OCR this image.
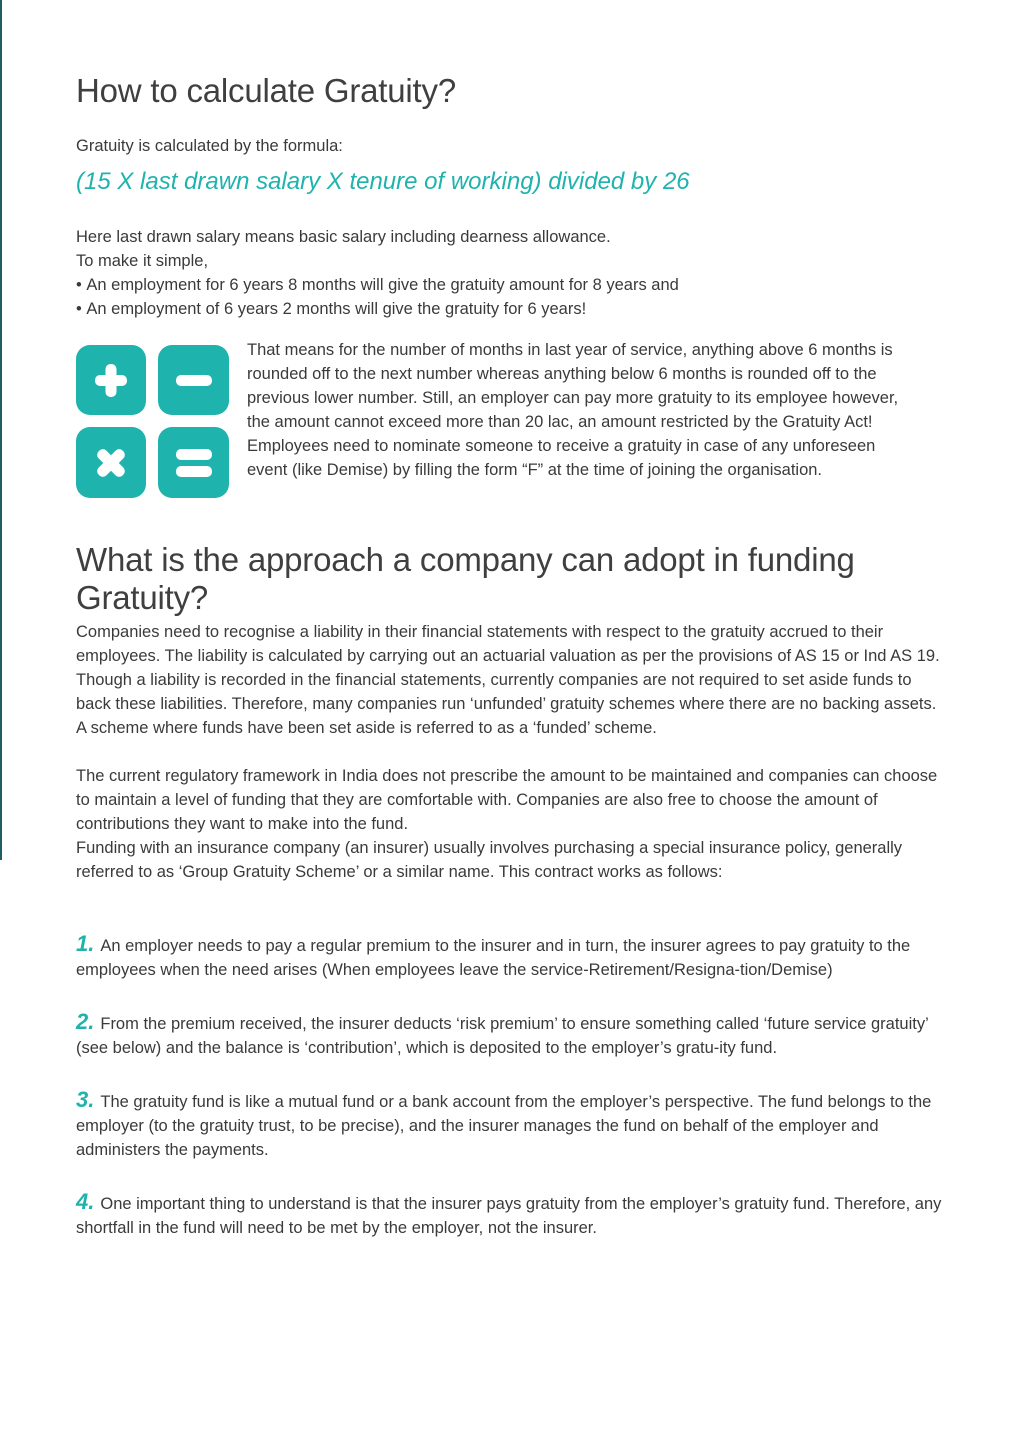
How to calculate Gratuity?
Gratuity is calculated by the formula:
(15 X last drawn salary X tenure of working) divided by 26

Here last drawn salary means basic salary including dearness allowance.

To make it simple,

• An employment for 6 years 8 months will give the gratuity amount for 8 years and
• An employment of 6 years 2 months will give the gratuity for 6 years!
That means for the number of months in last year of service, anything above 6 months is rounded off to the next number whereas anything below 6 months is rounded off to the previous lower number. Still, an employer can pay more gratuity to its employee however, the amount cannot exceed more than 20 lac, an amount restricted by the Gratuity Act! Employees need to nominate someone to receive a gratuity in case of any unforeseen event (like Demise) by filling the form “F” at the time of joining the organisation.
What is the approach a company can adopt in funding Gratuity?

Companies need to recognise a liability in their financial statements with respect to the gratuity accrued to their employees. The liability is calculated by carrying out an actuarial valuation as per the provisions of AS 15 or Ind AS 19. Though a liability is recorded in the financial statements, currently companies are not required to set aside funds to back these liabilities. Therefore, many companies run ‘unfunded’ gratuity schemes where there are no backing assets. A scheme where funds have been set aside is referred to as a ‘funded’ scheme.

The current regulatory framework in India does not prescribe the amount to be maintained and companies can choose to maintain a level of funding that they are comfortable with. Companies are also free to choose the amount of contributions they want to make into the fund.

Funding with an insurance company (an insurer) usually involves purchasing a special insurance policy, generally referred to as ‘Group Gratuity Scheme’ or a similar name. This contract works as follows:

1. An employer needs to pay a regular premium to the insurer and in turn, the insurer agrees to pay gratuity to the employees when the need arises (When employees leave the service-Retirement/Resigna-tion/Demise)

2. From the premium received, the insurer deducts ‘risk premium’ to ensure something called ‘future service gratuity’ (see below) and the balance is ‘contribution’, which is deposited to the employer’s gratu-ity fund.

3. The gratuity fund is like a mutual fund or a bank account from the employer’s perspective. The fund belongs to the employer (to the gratuity trust, to be precise), and the insurer manages the fund on behalf of the employer and administers the payments.

4. One important thing to understand is that the insurer pays gratuity from the employer’s gratuity fund. Therefore, any shortfall in the fund will need to be met by the employer, not the insurer.
